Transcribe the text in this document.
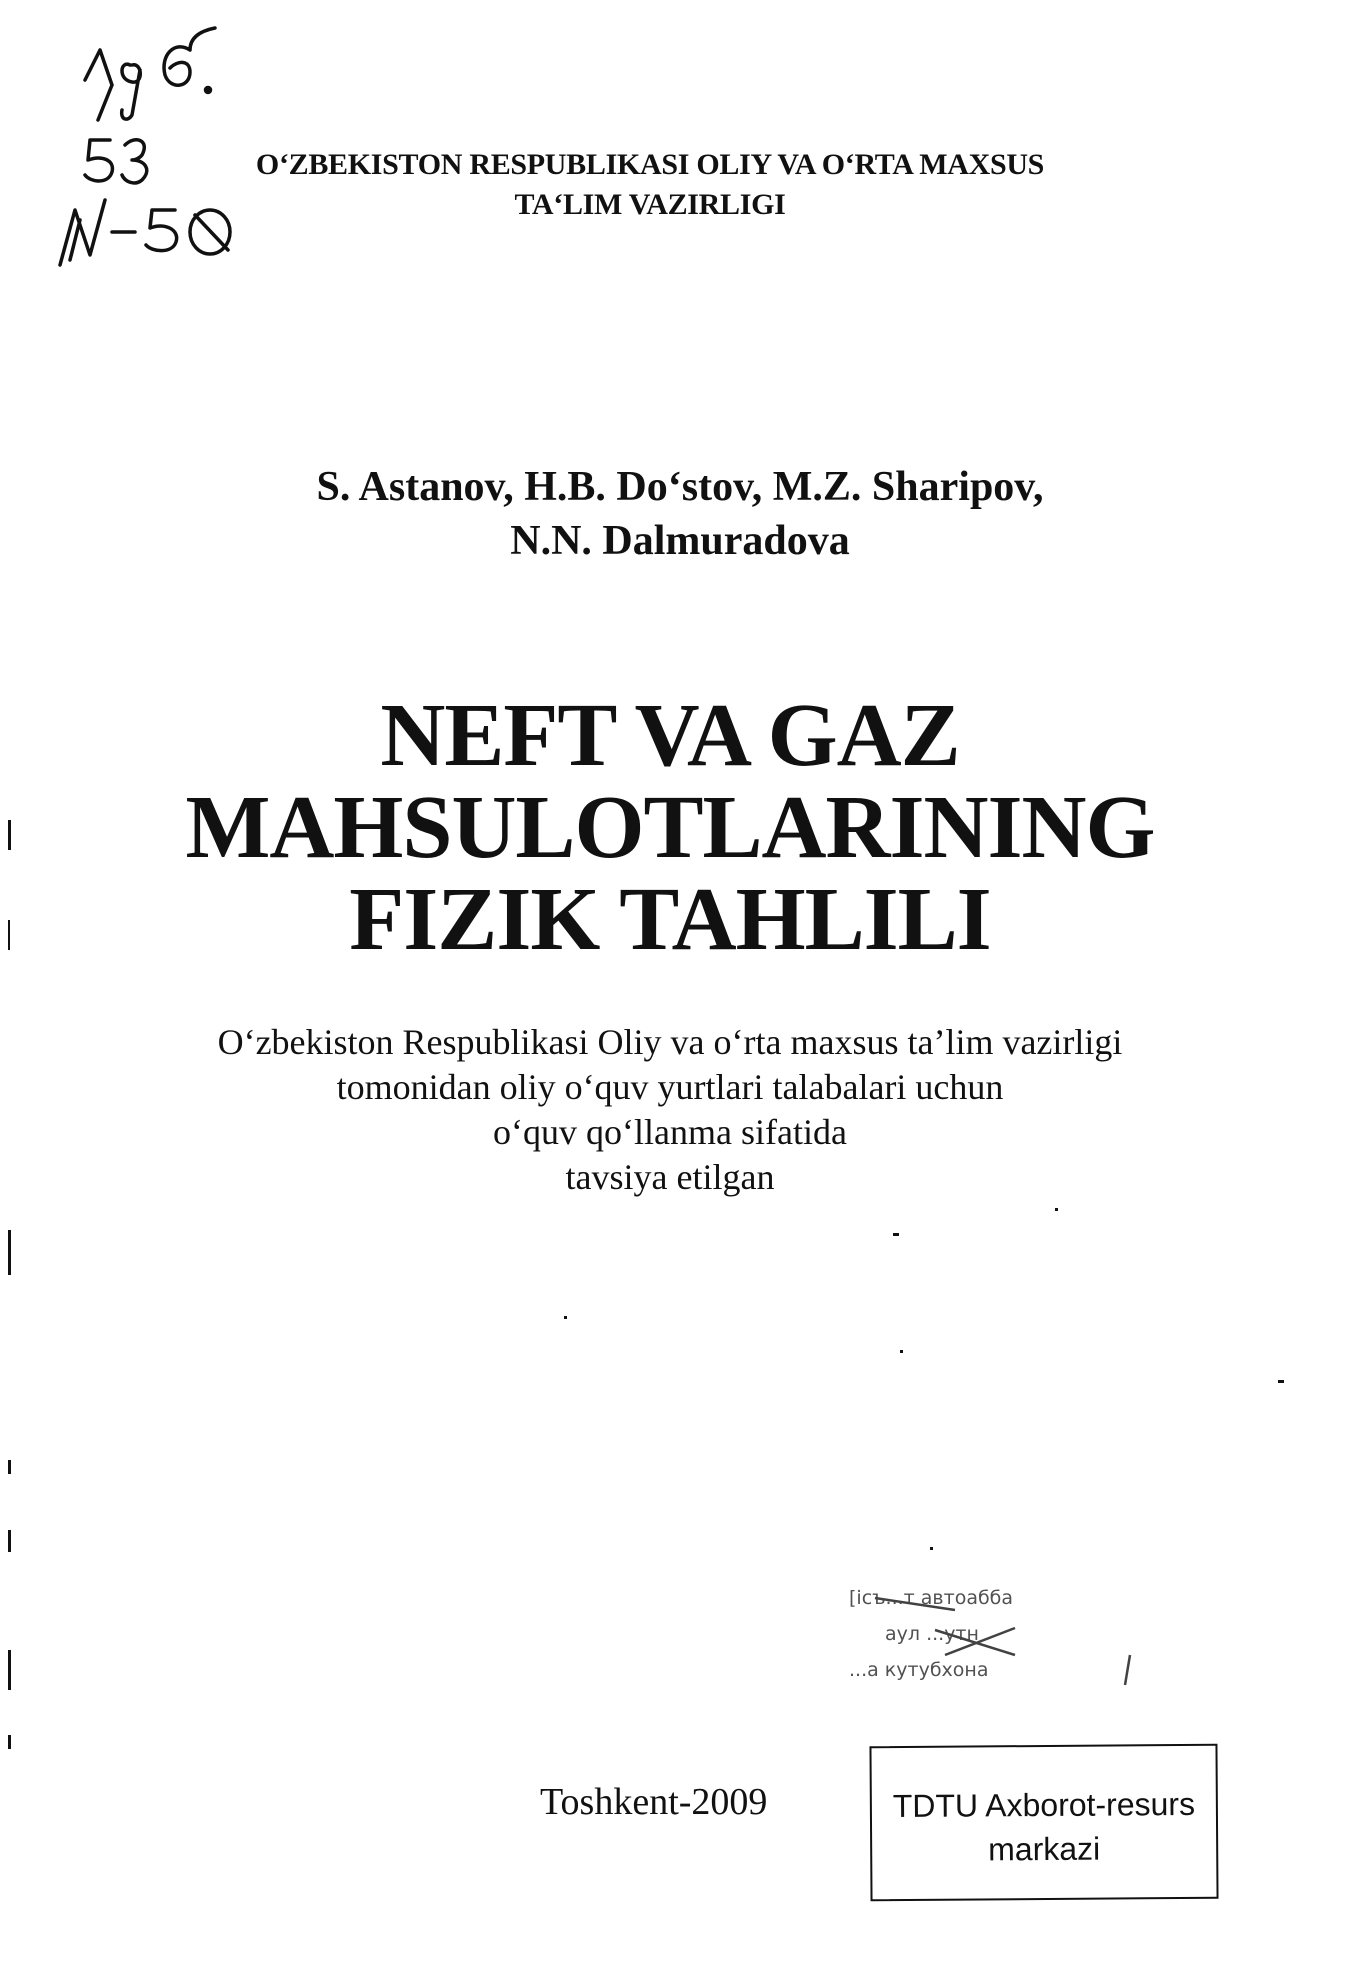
O‘ZBEKISTON RESPUBLIKASI OLIY VA O‘RTA MAXSUS
TA‘LIM VAZIRLIGI
S. Astanov, H.B. Do‘stov, M.Z. Sharipov,
N.N. Dalmuradova
NEFT VA GAZ
MAHSULOTLARINING
FIZIK TAHLILI
O‘zbekiston Respublikasi Oliy va o‘rta maxsus ta’lim vazirligi
tomonidan oliy o‘quv yurtlari talabalari uchun
o‘quv qo‘llanma sifatida
tavsiya etilgan
[ісъ...т автоабба
аул ...утн
...а кутубхона
Toshkent-2009	TDTU Axborot-resurs
markazi
